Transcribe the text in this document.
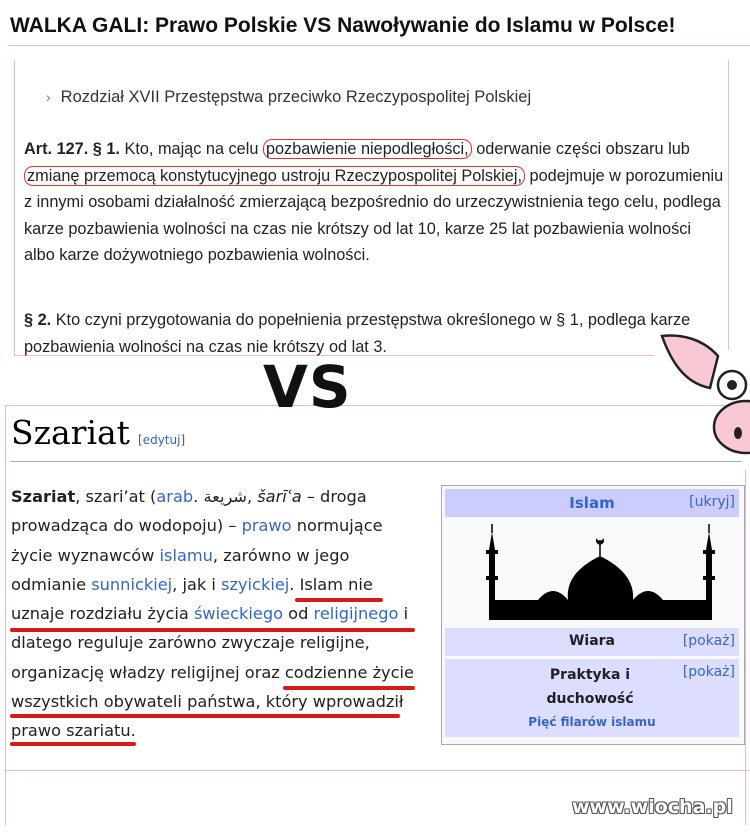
WALKA GALI: Prawo Polskie VS Nawoływanie do Islamu w Polsce!
› Rozdział XVII Przestępstwa przeciwko Rzeczypospolitej Polskiej
Art. 127. § 1. Kto, mając na celu pozbawienie niepodległości, oderwanie części obszaru lub zmianę przemocą konstytucyjnego ustroju Rzeczypospolitej Polskiej, podejmuje w porozumieniu z innymi osobami działalność zmierzającą bezpośrednio do urzeczywistnienia tego celu, podlega karze pozbawienia wolności na czas nie krótszy od lat 10, karze 25 lat pozbawienia wolności albo karze dożywotniego pozbawienia wolności.
§ 2. Kto czyni przygotowania do popełnienia przestępstwa określonego w § 1, podlega karze pozbawienia wolności na czas nie krótszy od lat 3.
VS
Szariat [edytuj]
Szariat, szari’at (arab. شريعة, šarīʿa – droga prowadząca do wodopoju) – prawo normujące życie wyznawców islamu, zarówno w jego odmianie sunnickiej, jak i szyickiej. Islam nie uznaje rozdziału życia świeckiego od religijnego i dlatego reguluje zarówno zwyczaje religijne, organizację władzy religijnej oraz codzienne życie wszystkich obywateli państwa, który wprowadził prawo szariatu.
Islam	[ukryj]
Wiara	[pokaż]
Praktyka i duchowość
[pokaż]
Pięć filarów islamu
www.wiocha.pl
